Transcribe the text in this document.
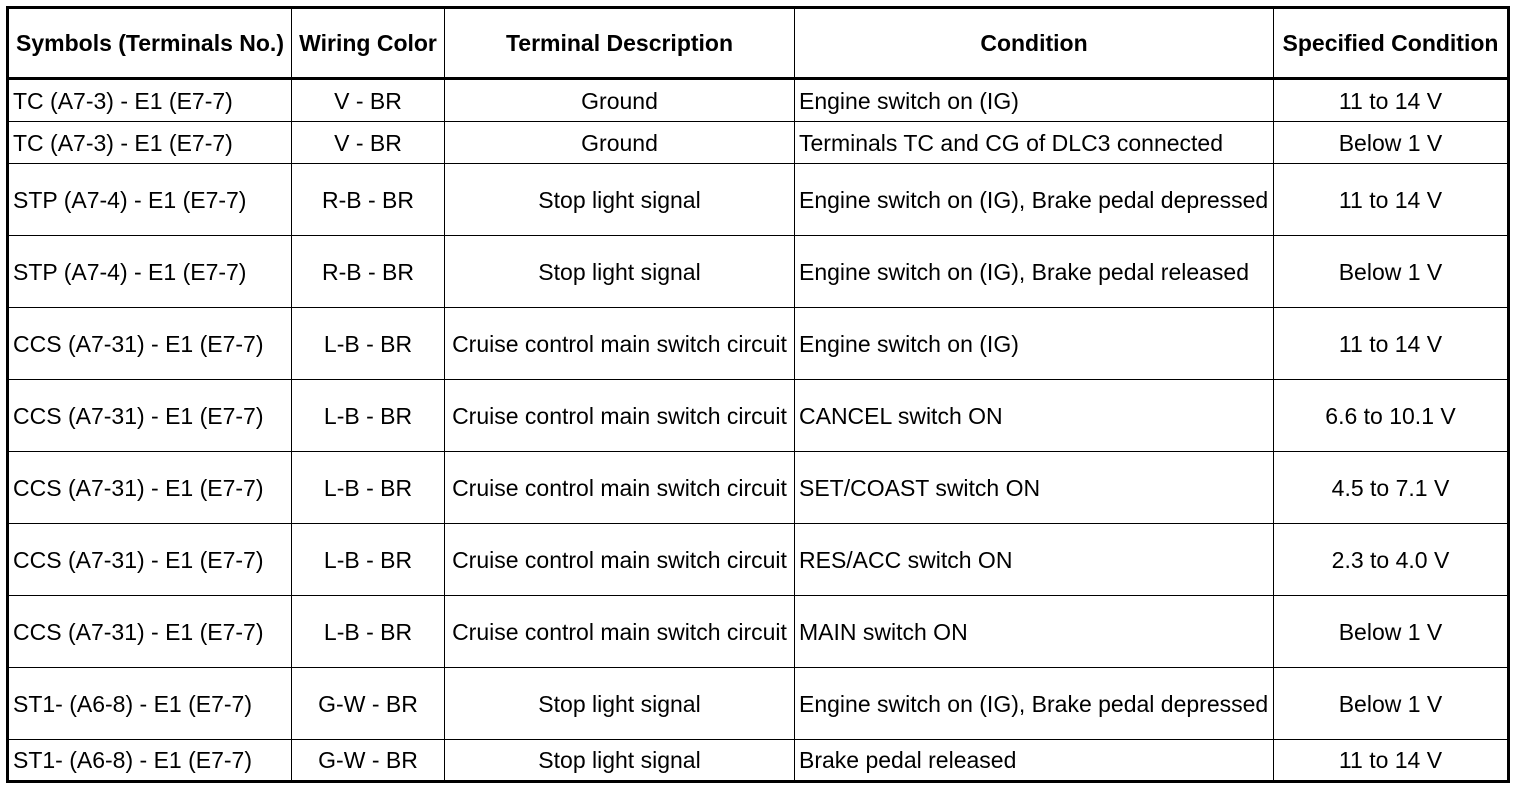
Symbols (Terminals No.)	Wiring Color	Terminal Description	Condition	Specified Condition
TC (A7-3) - E1 (E7-7)	V - BR	Ground	Engine switch on (IG)	11 to 14 V
TC (A7-3) - E1 (E7-7)	V - BR	Ground	Terminals TC and CG of DLC3 connected	Below 1 V
STP (A7-4) - E1 (E7-7)	R-B - BR	Stop light signal	Engine switch on (IG), Brake pedal depressed	11 to 14 V
STP (A7-4) - E1 (E7-7)	R-B - BR	Stop light signal	Engine switch on (IG), Brake pedal released	Below 1 V
CCS (A7-31) - E1 (E7-7)	L-B - BR	Cruise control main switch circuit	Engine switch on (IG)	11 to 14 V
CCS (A7-31) - E1 (E7-7)	L-B - BR	Cruise control main switch circuit	CANCEL switch ON	6.6 to 10.1 V
CCS (A7-31) - E1 (E7-7)	L-B - BR	Cruise control main switch circuit	SET/COAST switch ON	4.5 to 7.1 V
CCS (A7-31) - E1 (E7-7)	L-B - BR	Cruise control main switch circuit	RES/ACC switch ON	2.3 to 4.0 V
CCS (A7-31) - E1 (E7-7)	L-B - BR	Cruise control main switch circuit	MAIN switch ON	Below 1 V
ST1- (A6-8) - E1 (E7-7)	G-W - BR	Stop light signal	Engine switch on (IG), Brake pedal depressed	Below 1 V
ST1- (A6-8) - E1 (E7-7)	G-W - BR	Stop light signal	Brake pedal released	11 to 14 V
